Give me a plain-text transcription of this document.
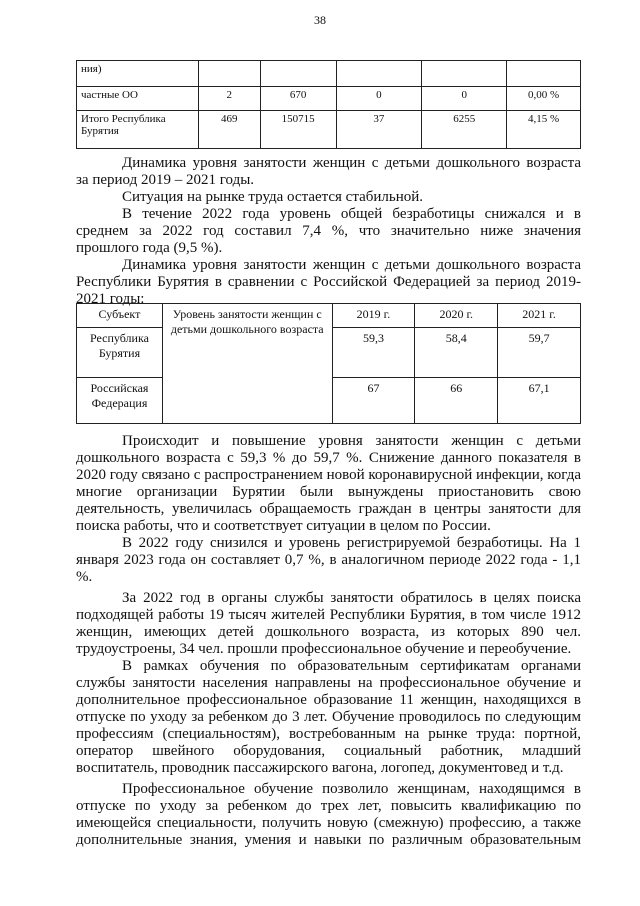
38
ния)					
частные ОО	2	670	0	0	0,00 %
Итого Республика Бурятия	469	150715	37	6255	4,15 %

Динамика уровня занятости женщин с детьми дошкольного возраста

за период 2019 – 2021 годы.

Ситуация на рынке труда остается стабильной.

В течение 2022 года уровень общей безработицы снижался и в

среднем за 2022 год составил 7,4 %, что значительно ниже значения

прошлого года (9,5 %).

Динамика уровня занятости женщин с детьми дошкольного возраста

Республики Бурятия в сравнении с Российской Федерацией за период 2019-

2021 годы:

Субъект	Уровень занятости женщин с детьми дошкольного возраста	2019 г.	2020 г.	2021 г.
Республика Бурятия		59,3	58,4	59,7
Российская Федерация		67	66	67,1

Происходит и повышение уровня занятости женщин с детьми

дошкольного возраста с 59,3 % до 59,7 %. Снижение данного показателя в

2020 году связано с распространением новой коронавирусной инфекции, когда

многие организации Бурятии были вынуждены приостановить свою

деятельность, увеличилась обращаемость граждан в центры занятости для

поиска работы, что и соответствует ситуации в целом по России.

В 2022 году снизился и уровень регистрируемой безработицы. На 1

января 2023 года он составляет 0,7 %, в аналогичном периоде 2022 года - 1,1

%.

За 2022 год в органы службы занятости обратилось в целях поиска

подходящей работы 19 тысяч жителей Республики Бурятия, в том числе 1912

женщин, имеющих детей дошкольного возраста, из которых 890 чел.

трудоустроены, 34 чел. прошли профессиональное обучение и переобучение.

В рамках обучения по образовательным сертификатам органами

службы занятости населения направлены на профессиональное обучение и

дополнительное профессиональное образование 11 женщин, находящихся в

отпуске по уходу за ребенком до 3 лет. Обучение проводилось по следующим

профессиям (специальностям), востребованным на рынке труда: портной,

оператор швейного оборудования, социальный работник, младший

воспитатель, проводник пассажирского вагона, логопед, документовед и т.д.

Профессиональное обучение позволило женщинам, находящимся в

отпуске по уходу за ребенком до трех лет, повысить квалификацию по

имеющейся специальности, получить новую (смежную) профессию, а также

дополнительные знания, умения и навыки по различным образовательным
